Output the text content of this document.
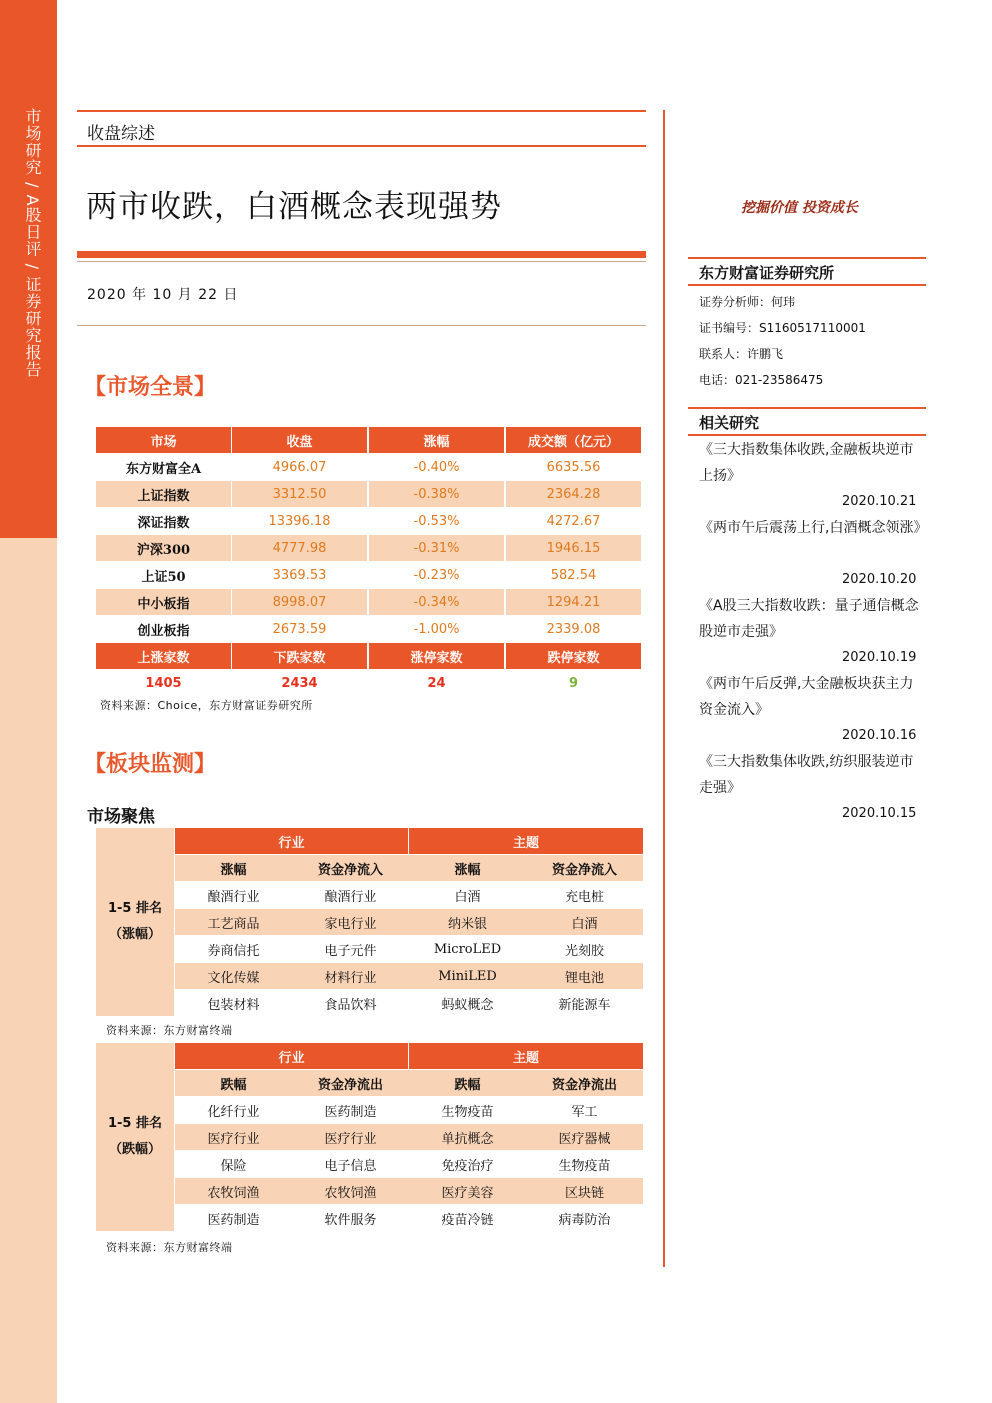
市场研究 / A股日评 / 证券研究报告	收盘综述
两市收跌，白酒概念表现强势
2020 年 10 月 22 日
挖掘价值 投资成长
东方财富证券研究所
证券分析师：何玮
证书编号：S1160517110001
联系人：许鹏飞
电话：021-23586475
相关研究
《三大指数集体收跌,金融板块逆市上扬》
2020.10.21
《两市午后震荡上行,白酒概念领涨》
2020.10.20
《A股三大指数收跌：量子通信概念股逆市走强》
2020.10.19
《两市午后反弹,大金融板块获主力资金流入》
2020.10.16
《三大指数集体收跌,纺织服装逆市走强》
2020.10.15
【市场全景】
市场	收盘	涨幅	成交额（亿元）
东方财富全A	4966.07	-0.40%	6635.56
上证指数	3312.50	-0.38%	2364.28
深证指数	13396.18	-0.53%	4272.67
沪深300	4777.98	-0.31%	1946.15
上证50	3369.53	-0.23%	582.54
中小板指	8998.07	-0.34%	1294.21
创业板指	2673.59	-1.00%	2339.08
上涨家数	下跌家数	涨停家数	跌停家数
1405	2434	24	9
资料来源：Choice，东方财富证券研究所
【板块监测】
市场聚焦
行业	主题
1-5 排名
（涨幅）
涨幅	资金净流入	涨幅	资金净流入
酿酒行业	酿酒行业	白酒	充电桩
工艺商品	家电行业	纳米银	白酒
券商信托	电子元件	MicroLED	光刻胶
文化传媒	材料行业	MiniLED	锂电池
包装材料	食品饮料	蚂蚁概念	新能源车
资料来源：东方财富终端
行业	主题
1-5 排名
（跌幅）
跌幅	资金净流出	跌幅	资金净流出
化纤行业	医药制造	生物疫苗	军工
医疗行业	医疗行业	单抗概念	医疗器械
保险	电子信息	免疫治疗	生物疫苗
农牧饲渔	农牧饲渔	医疗美容	区块链
医药制造	软件服务	疫苗冷链	病毒防治
资料来源：东方财富终端
